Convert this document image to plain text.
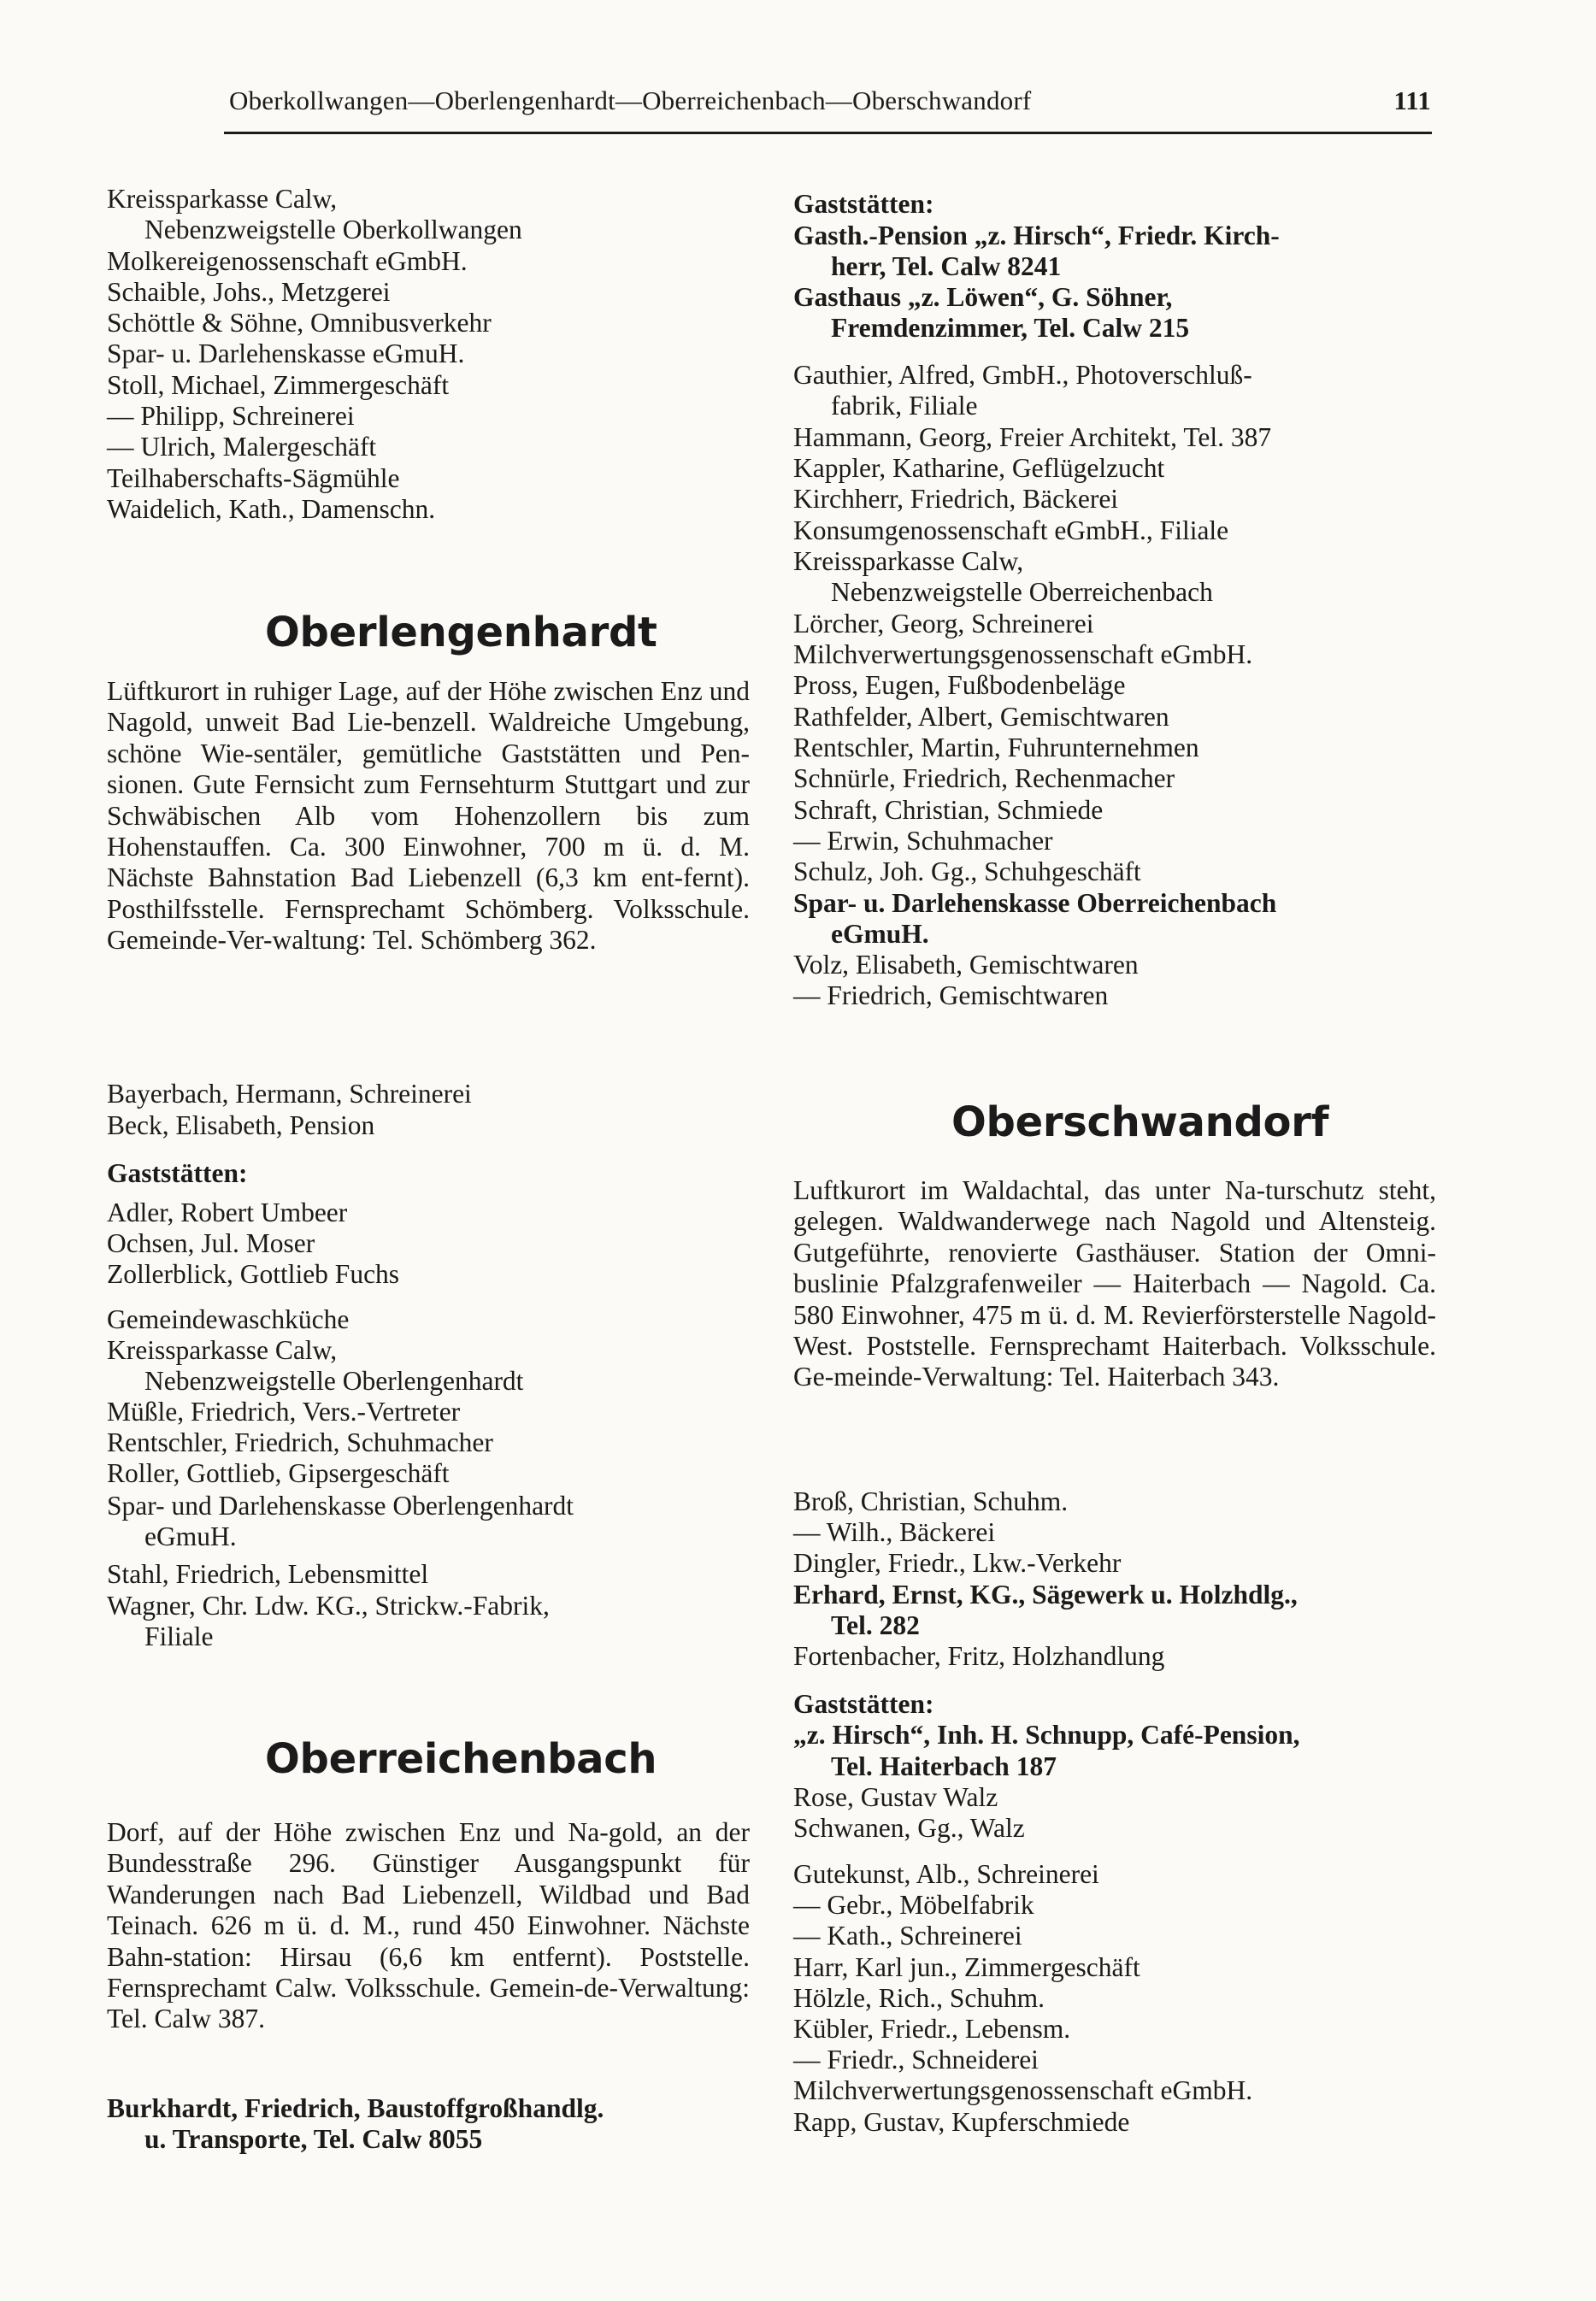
Oberkollwangen—Oberlengenhardt—Oberreichenbach—Oberschwandorf	111
Kreissparkasse Calw,
Nebenzweigstelle Oberkollwangen
Molkereigenossenschaft eGmbH.
Schaible, Johs., Metzgerei
Schöttle & Söhne, Omnibusverkehr
Spar- u. Darlehenskasse eGmuH.
Stoll, Michael, Zimmergeschäft
— Philipp, Schreinerei
— Ulrich, Malergeschäft
Teilhaberschafts-Sägmühle
Waidelich, Kath., Damenschn.
Oberlengenhardt
Lüftkurort in ruhiger Lage, auf der Höhe zwischen Enz und Nagold, unweit Bad Lie-benzell. Waldreiche Umgebung, schöne Wie-sentäler, gemütliche Gaststätten und Pen-sionen. Gute Fernsicht zum Fernsehturm Stuttgart und zur Schwäbischen Alb vom Hohenzollern bis zum Hohenstauffen. Ca. 300 Einwohner, 700 m ü. d. M. Nächste Bahnstation Bad Liebenzell (6,3 km ent-fernt). Posthilfsstelle. Fernsprechamt Schömberg. Volksschule. Gemeinde-Ver-waltung: Tel. Schömberg 362.
Bayerbach, Hermann, Schreinerei
Beck, Elisabeth, Pension
Gaststätten:
Adler, Robert Umbeer
Ochsen, Jul. Moser
Zollerblick, Gottlieb Fuchs
Gemeindewaschküche
Kreissparkasse Calw,
Nebenzweigstelle Oberlengenhardt
Müßle, Friedrich, Vers.-Vertreter
Rentschler, Friedrich, Schuhmacher
Roller, Gottlieb, Gipsergeschäft
Spar- und Darlehenskasse Oberlengenhardt
eGmuH.
Stahl, Friedrich, Lebensmittel
Wagner, Chr. Ldw. KG., Strickw.-Fabrik,
Filiale
Oberreichenbach
Dorf, auf der Höhe zwischen Enz und Na-gold, an der Bundesstraße 296. Günstiger Ausgangspunkt für Wanderungen nach Bad Liebenzell, Wildbad und Bad Teinach. 626 m ü. d. M., rund 450 Einwohner. Nächste Bahn-station: Hirsau (6,6 km entfernt). Poststelle. Fernsprechamt Calw. Volksschule. Gemein-de-Verwaltung: Tel. Calw 387.
Burkhardt, Friedrich, Baustoffgroßhandlg.
u. Transporte, Tel. Calw 8055
Gaststätten:
Gasth.-Pension „z. Hirsch“, Friedr. Kirch-
herr, Tel. Calw 8241
Gasthaus „z. Löwen“, G. Söhner,
Fremdenzimmer, Tel. Calw 215
Gauthier, Alfred, GmbH., Photoverschluß-
fabrik, Filiale
Hammann, Georg, Freier Architekt, Tel. 387
Kappler, Katharine, Geflügelzucht
Kirchherr, Friedrich, Bäckerei
Konsumgenossenschaft eGmbH., Filiale
Kreissparkasse Calw,
Nebenzweigstelle Oberreichenbach
Lörcher, Georg, Schreinerei
Milchverwertungsgenossenschaft eGmbH.
Pross, Eugen, Fußbodenbeläge
Rathfelder, Albert, Gemischtwaren
Rentschler, Martin, Fuhrunternehmen
Schnürle, Friedrich, Rechenmacher
Schraft, Christian, Schmiede
— Erwin, Schuhmacher
Schulz, Joh. Gg., Schuhgeschäft
Spar- u. Darlehenskasse Oberreichenbach
eGmuH.
Volz, Elisabeth, Gemischtwaren
— Friedrich, Gemischtwaren
Oberschwandorf
Luftkurort im Waldachtal, das unter Na-turschutz steht, gelegen. Waldwanderwege nach Nagold und Altensteig. Gutgeführte, renovierte Gasthäuser. Station der Omni-buslinie Pfalzgrafenweiler — Haiterbach — Nagold. Ca. 580 Einwohner, 475 m ü. d. M. Revierförsterstelle Nagold-West. Poststelle. Fernsprechamt Haiterbach. Volksschule. Ge-meinde-Verwaltung: Tel. Haiterbach 343.
Broß, Christian, Schuhm.
— Wilh., Bäckerei
Dingler, Friedr., Lkw.-Verkehr
Erhard, Ernst, KG., Sägewerk u. Holzhdlg.,
Tel. 282
Fortenbacher, Fritz, Holzhandlung
Gaststätten:
„z. Hirsch“, Inh. H. Schnupp, Café-Pension,
Tel. Haiterbach 187
Rose, Gustav Walz
Schwanen, Gg., Walz
Gutekunst, Alb., Schreinerei
— Gebr., Möbelfabrik
— Kath., Schreinerei
Harr, Karl jun., Zimmergeschäft
Hölzle, Rich., Schuhm.
Kübler, Friedr., Lebensm.
— Friedr., Schneiderei
Milchverwertungsgenossenschaft eGmbH.
Rapp, Gustav, Kupferschmiede
